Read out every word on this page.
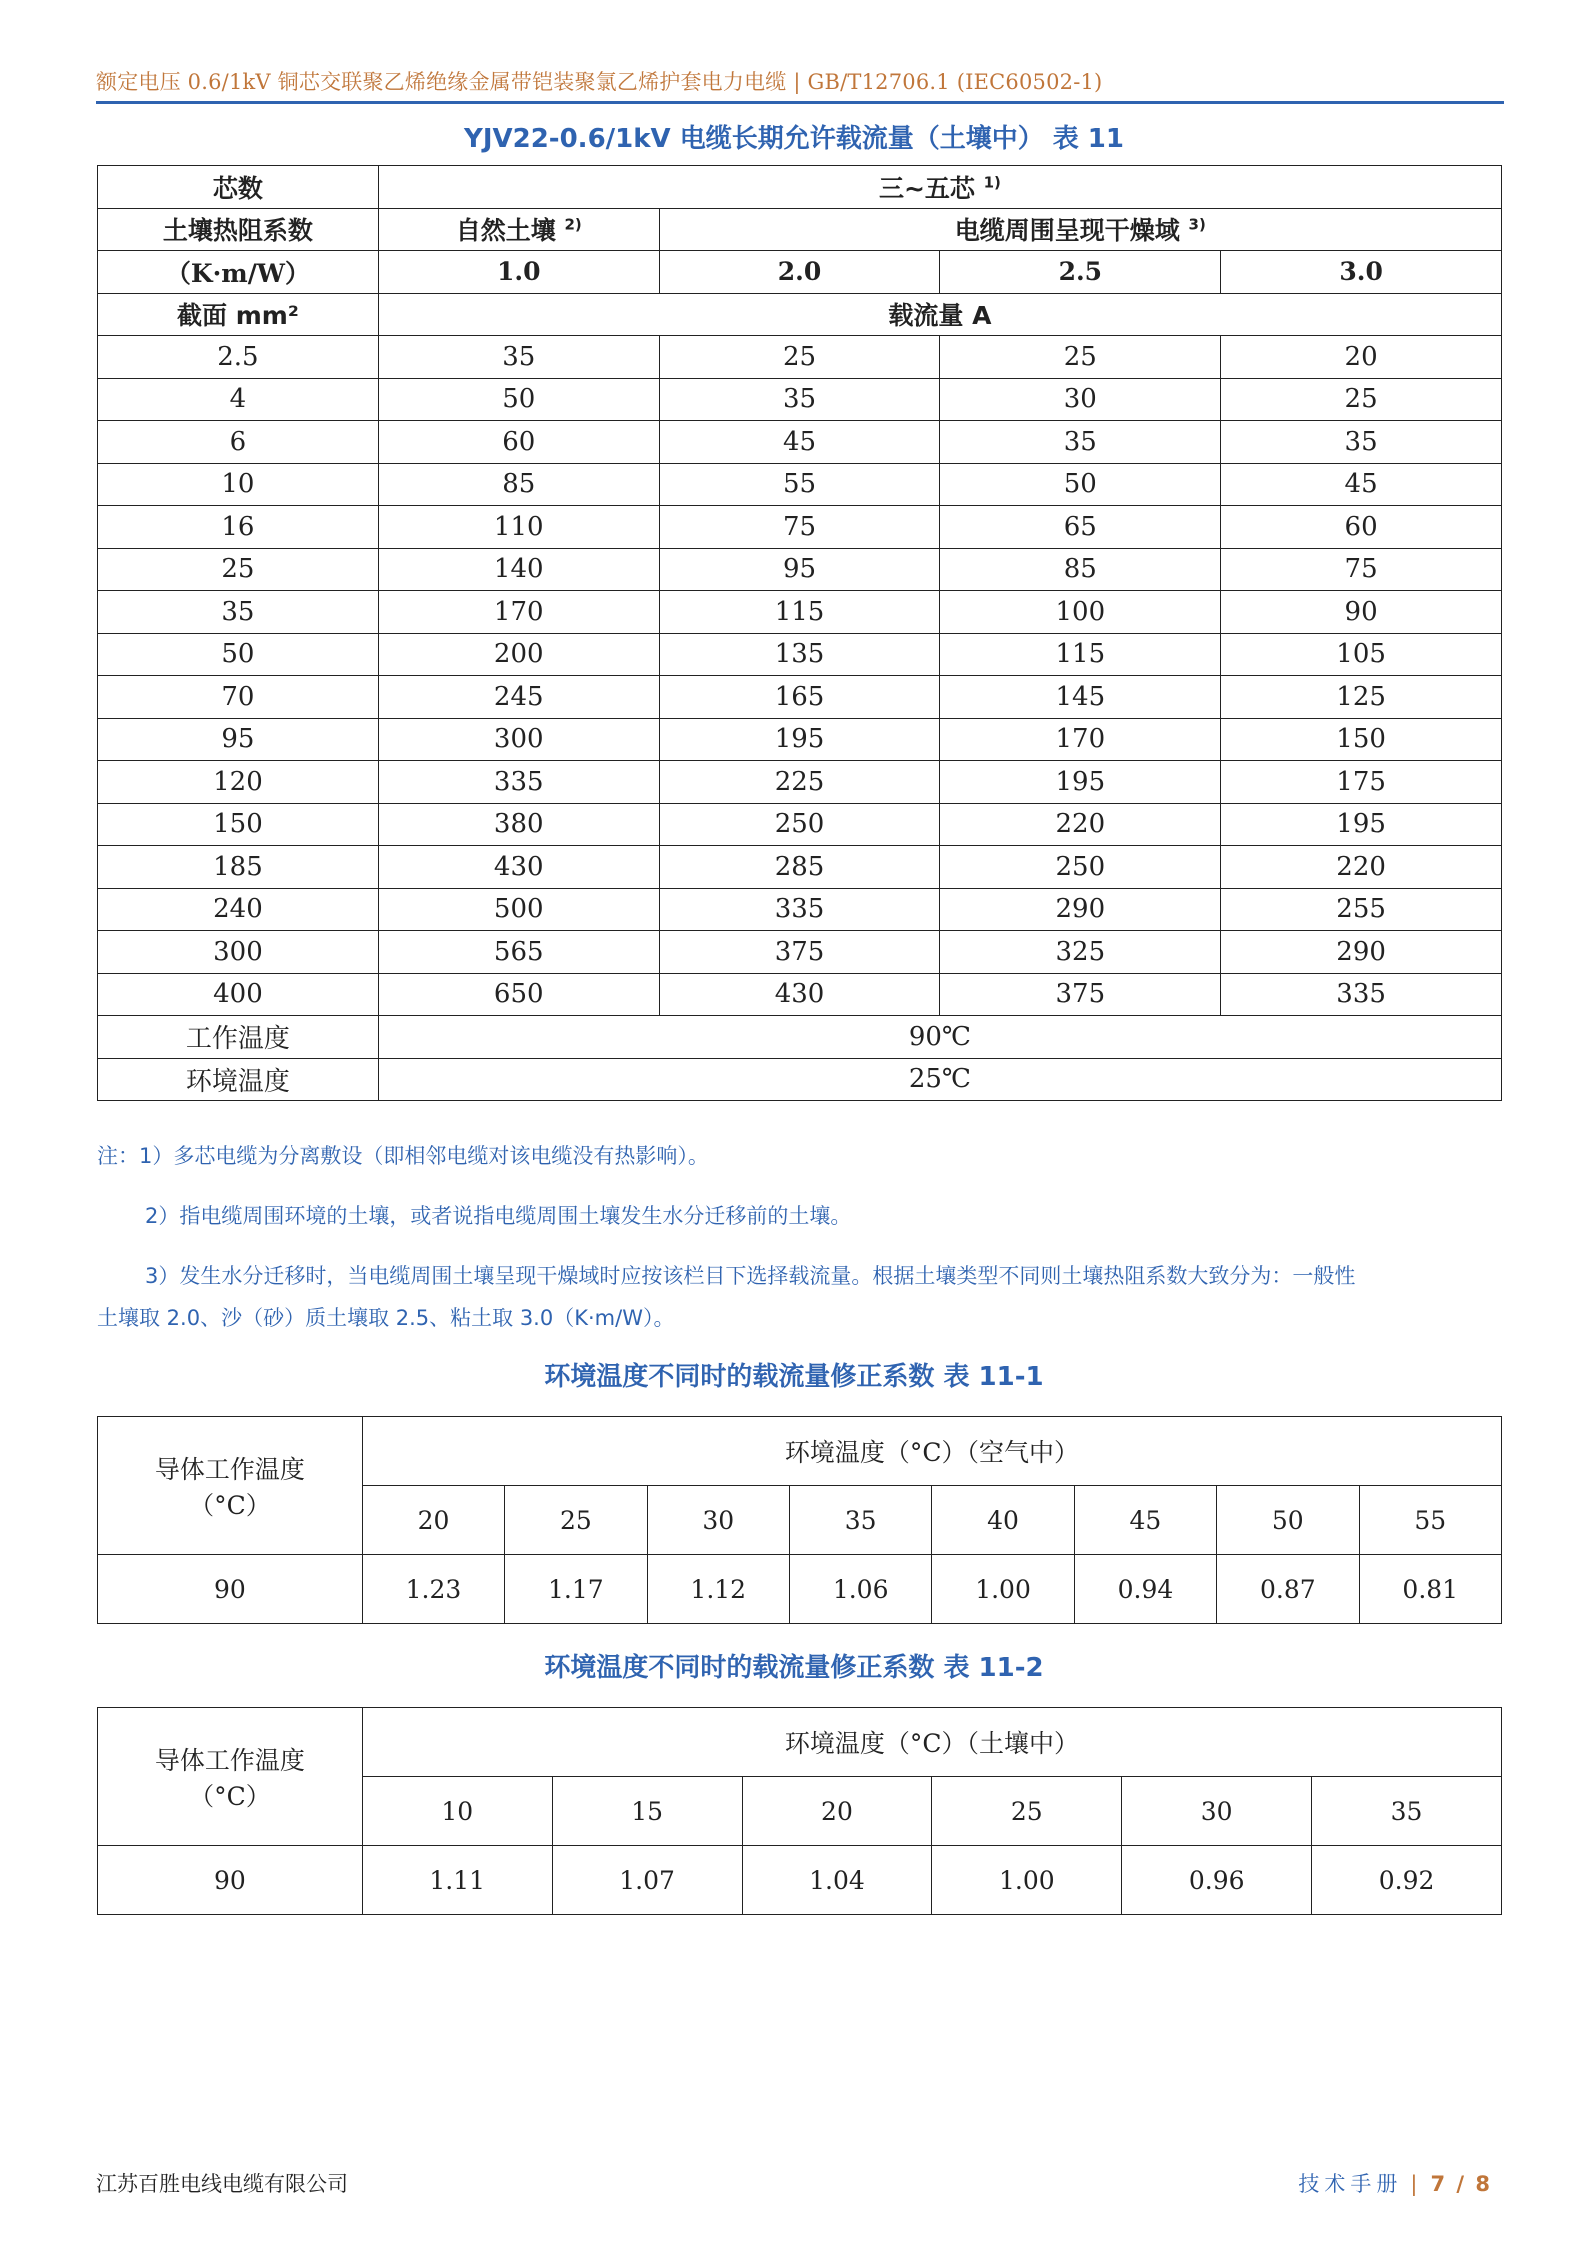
额定电压 0.6/1kV 铜芯交联聚乙烯绝缘金属带铠装聚氯乙烯护套电力电缆 | GB/T12706.1 (IEC60502-1)
YJV22-0.6/1kV 电缆长期允许载流量（土壤中） 表 11
芯数	三~五芯 $^{1)}$
土壤热阻系数	自然土壤 $^{2)}$	电缆周围呈现干燥域 $^{3)}$
（K·m/W）	1.0	2.0	2.5	3.0
截面 mm²	载流量 A			
2.5	35	25	25	20
4	50	35	30	25
6	60	45	35	35
10	85	55	50	45
16	110	75	65	60
25	140	95	85	75
35	170	115	100	90
50	200	135	115	105
70	245	165	145	125
95	300	195	170	150
120	335	225	195	175
150	380	250	220	195
185	430	285	250	220
240	500	335	290	255
300	565	375	325	290
400	650	430	375	335
工作温度	90℃			
环境温度	25℃			
注：1）多芯电缆为分离敷设（即相邻电缆对该电缆没有热影响）。
2）指电缆周围环境的土壤，或者说指电缆周围土壤发生水分迁移前的土壤。
3）发生水分迁移时，当电缆周围土壤呈现干燥域时应按该栏目下选择载流量。根据土壤类型不同则土壤热阻系数大致分为：一般性
土壤取 2.0、沙（砂）质土壤取 2.5、粘土取 3.0（K·m/W）。
环境温度不同时的载流量修正系数 表 11-1
导体工作温度
（°C）	环境温度（°C）（空气中）							
	20	25	30	35	40	45	50	55
90	1.23	1.17	1.12	1.06	1.00	0.94	0.87	0.81
环境温度不同时的载流量修正系数 表 11-2
导体工作温度
（°C）	环境温度（°C）（土壤中）					
	10	15	20	25	30	35
90	1.11	1.07	1.04	1.00	0.96	0.92
江苏百胜电线电缆有限公司	技术手册 | 7 / 8
